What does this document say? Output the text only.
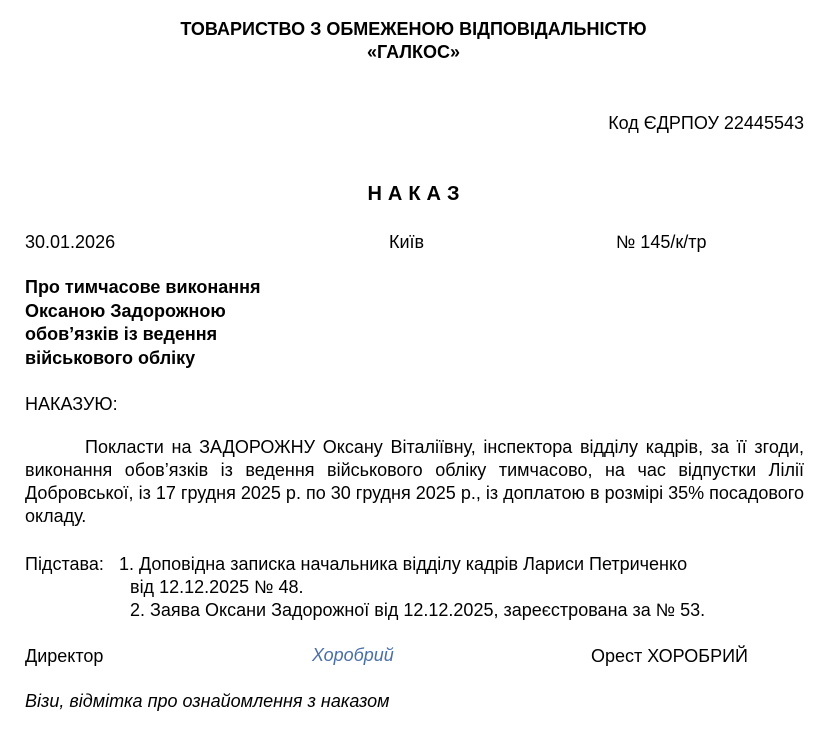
ТОВАРИСТВО З ОБМЕЖЕНОЮ ВІДПОВІДАЛЬНІСТЮ
«ГАЛКОС»
Код ЄДРПОУ 22445543
НАКАЗ
30.01.2026	Київ	№ 145/к/тр
Про тимчасове виконання
Оксаною Задорожною
обов’язків із ведення
військового обліку
НАКАЗУЮ:

Покласти на ЗАДОРОЖНУ Оксану Віталіївну, інспектора відділу кадрів, за її згоди, виконання обов’язків із ведення військового обліку тимчасово, на час відпустки Лілії Добровської, із 17 грудня 2025 р. по 30 грудня 2025 р., із доплатою в розмірі 35% посадового окладу.

Підстава: 1. Доповідна записка начальника відділу кадрів Лариси Петриченко
від 12.12.2025 № 48.
2. Заява Оксани Задорожної від 12.12.2025, зареєстрована за № 53.
Директор	Хоробрий	Орест ХОРОБРИЙ
Візи, відмітка про ознайомлення з наказом
